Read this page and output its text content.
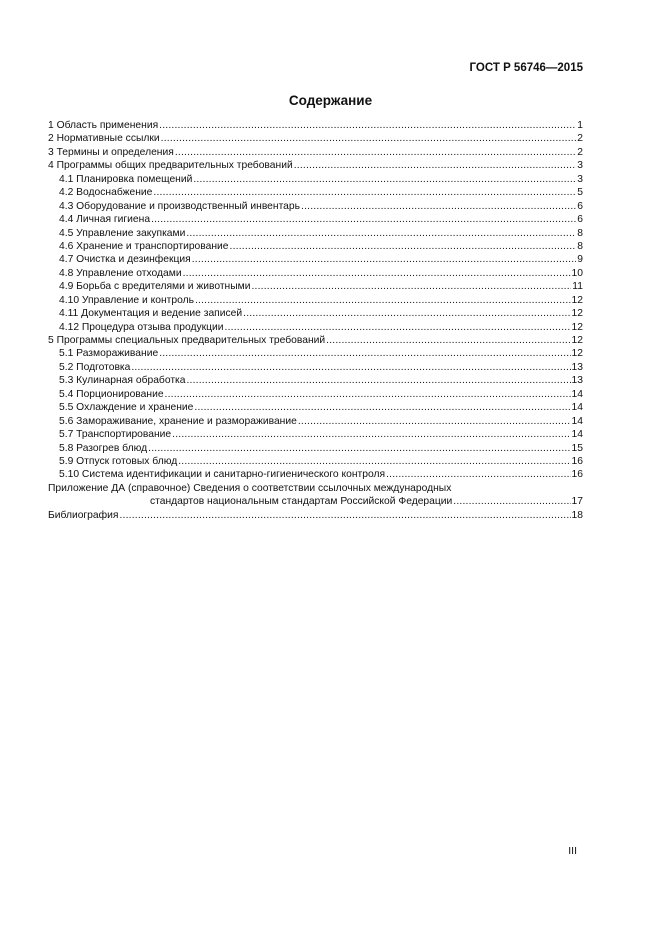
ГОСТ Р 56746—2015
Содержание
1 Область применения .....	1
2 Нормативные ссылки .....	2
3 Термины и определения .....	2
4 Программы общих предварительных требований .....	3
4.1 Планировка помещений .....	3
4.2 Водоснабжение .....	5
4.3 Оборудование и производственный инвентарь .....	6
4.4 Личная гигиена .....	6
4.5 Управление закупками .....	8
4.6 Хранение и транспортирование .....	8
4.7 Очистка и дезинфекция .....	9
4.8 Управление отходами .....	10
4.9 Борьба с вредителями и животными .....	11
4.10 Управление и контроль .....	12
4.11 Документация и ведение записей .....	12
4.12 Процедура отзыва продукции .....	12
5 Программы специальных предварительных требований .....	12
5.1 Размораживание .....	12
5.2 Подготовка .....	13
5.3 Кулинарная обработка .....	13
5.4 Порционирование .....	14
5.5 Охлаждение и хранение .....	14
5.6 Замораживание, хранение и размораживание .....	14
5.7 Транспортирование .....	14
5.8 Разогрев блюд .....	15
5.9 Отпуск готовых блюд .....	16
5.10 Система идентификации и санитарно-гигиенического контроля .....	16
Приложение ДА (справочное) Сведения о соответствии ссылочных международных
стандартов национальным стандартам Российской Федерации .....	17
Библиография .....	18
III
